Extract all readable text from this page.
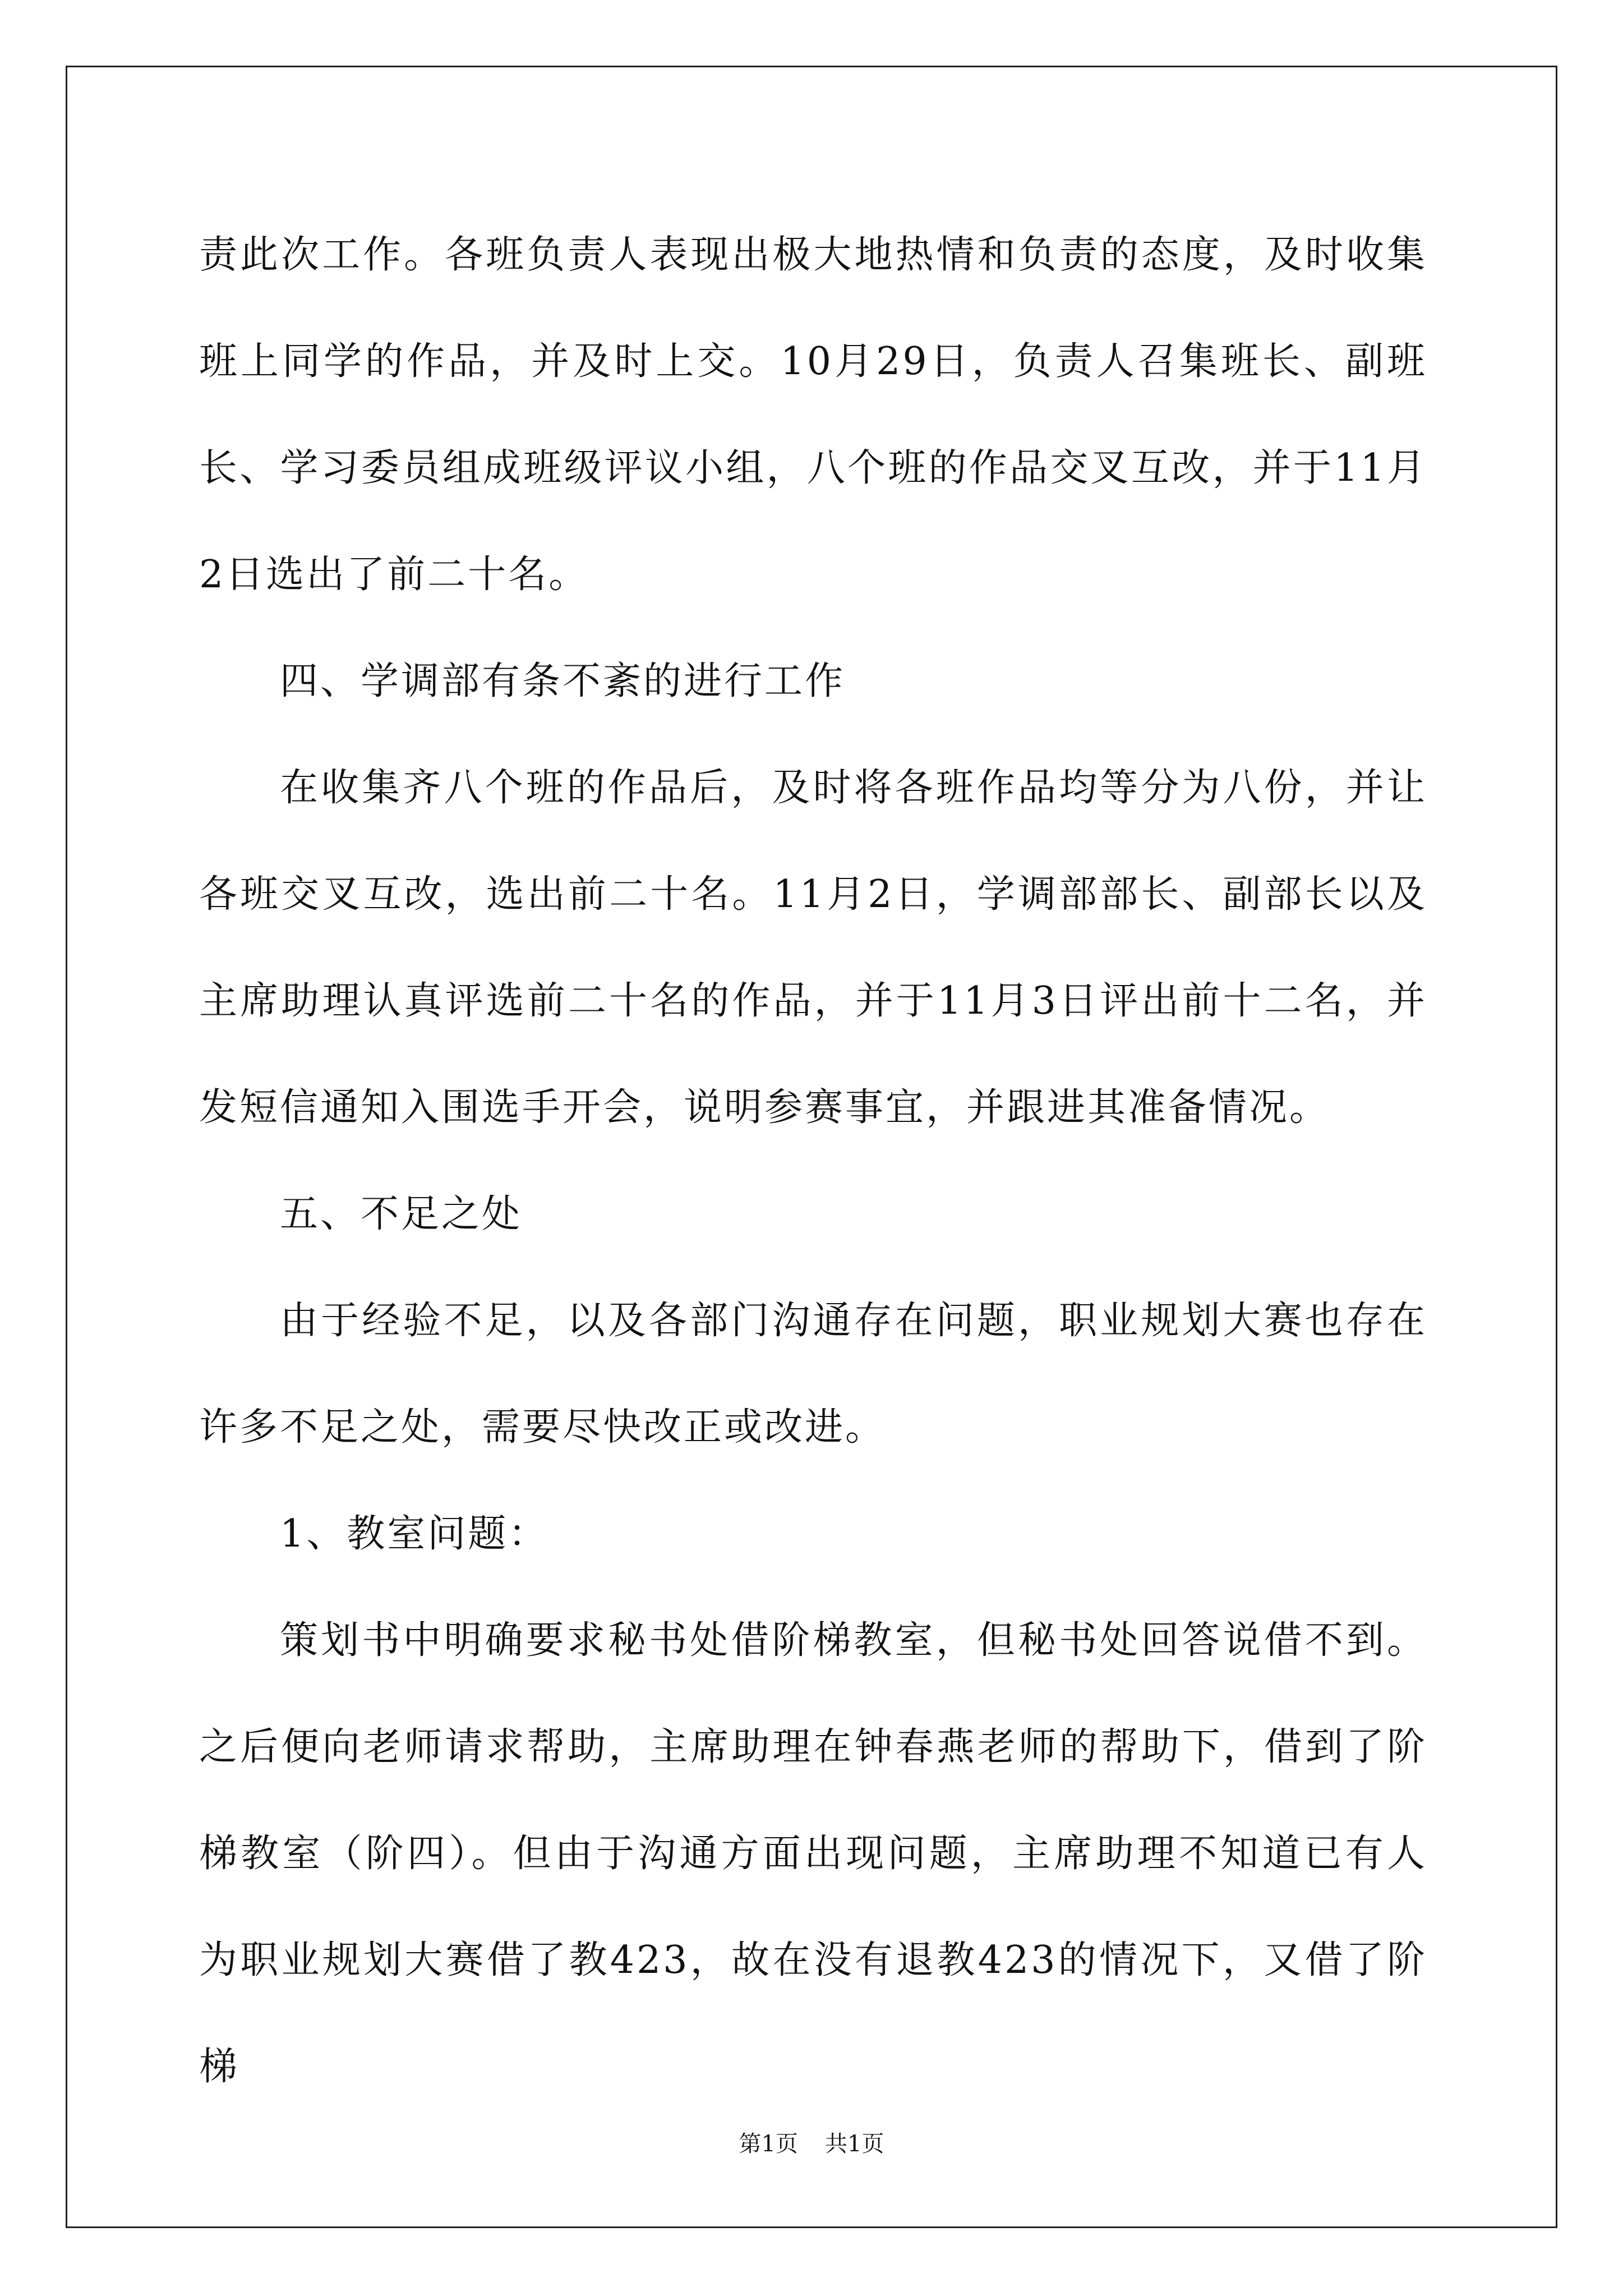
责此次工作。各班负责人表现出极大地热情和负责的态度，及时收集班上同学的作品，并及时上交。10月29日，负责人召集班长、副班长、学习委员组成班级评议小组，八个班的作品交叉互改，并于11月2日选出了前二十名。

四、学调部有条不紊的进行工作

在收集齐八个班的作品后，及时将各班作品均等分为八份，并让各班交叉互改，选出前二十名。11月2日，学调部部长、副部长以及主席助理认真评选前二十名的作品，并于11月3日评出前十二名，并发短信通知入围选手开会，说明参赛事宜，并跟进其准备情况。

五、不足之处

由于经验不足，以及各部门沟通存在问题，职业规划大赛也存在许多不足之处，需要尽快改正或改进。

1、教室问题：

策划书中明确要求秘书处借阶梯教室，但秘书处回答说借不到。之后便向老师请求帮助，主席助理在钟春燕老师的帮助下，借到了阶梯教室（阶四）。但由于沟通方面出现问题，主席助理不知道已有人为职业规划大赛借了教423，故在没有退教423的情况下，又借了阶梯

第1页 共1页
